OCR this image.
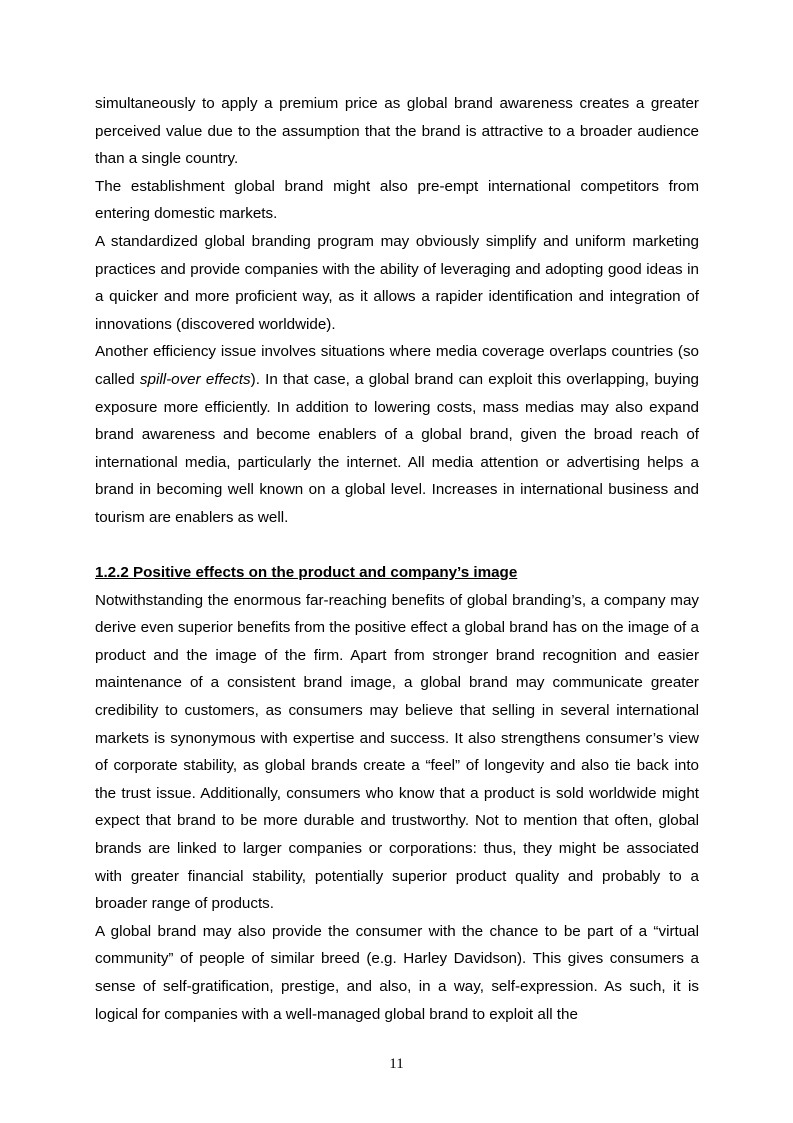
simultaneously to apply a premium price as global brand awareness creates a greater perceived value due to the assumption that the brand is attractive to a broader audience than a single country.

The establishment global brand might also pre-empt international competitors from entering domestic markets.

A standardized global branding program may obviously simplify and uniform marketing practices and provide companies with the ability of leveraging and adopting good ideas in a quicker and more proficient way, as it allows a rapider identification and integration of innovations (discovered worldwide).

Another efficiency issue involves situations where media coverage overlaps countries (so called spill-over effects). In that case, a global brand can exploit this overlapping, buying exposure more efficiently. In addition to lowering costs, mass medias may also expand brand awareness and become enablers of a global brand, given the broad reach of international media, particularly the internet. All media attention or advertising helps a brand in becoming well known on a global level. Increases in international business and tourism are enablers as well.

1.2.2 Positive effects on the product and company’s image

Notwithstanding the enormous far-reaching benefits of global branding’s, a company may derive even superior benefits from the positive effect a global brand has on the image of a product and the image of the firm. Apart from stronger brand recognition and easier maintenance of a consistent brand image, a global brand may communicate greater credibility to customers, as consumers may believe that selling in several international markets is synonymous with expertise and success. It also strengthens consumer’s view of corporate stability, as global brands create a “feel” of longevity and also tie back into the trust issue. Additionally, consumers who know that a product is sold worldwide might expect that brand to be more durable and trustworthy. Not to mention that often, global brands are linked to larger companies or corporations: thus, they might be associated with greater financial stability, potentially superior product quality and probably to a broader range of products.

A global brand may also provide the consumer with the chance to be part of a “virtual community” of people of similar breed (e.g. Harley Davidson). This gives consumers a sense of self-gratification, prestige, and also, in a way, self-expression. As such, it is logical for companies with a well-managed global brand to exploit all the

11
